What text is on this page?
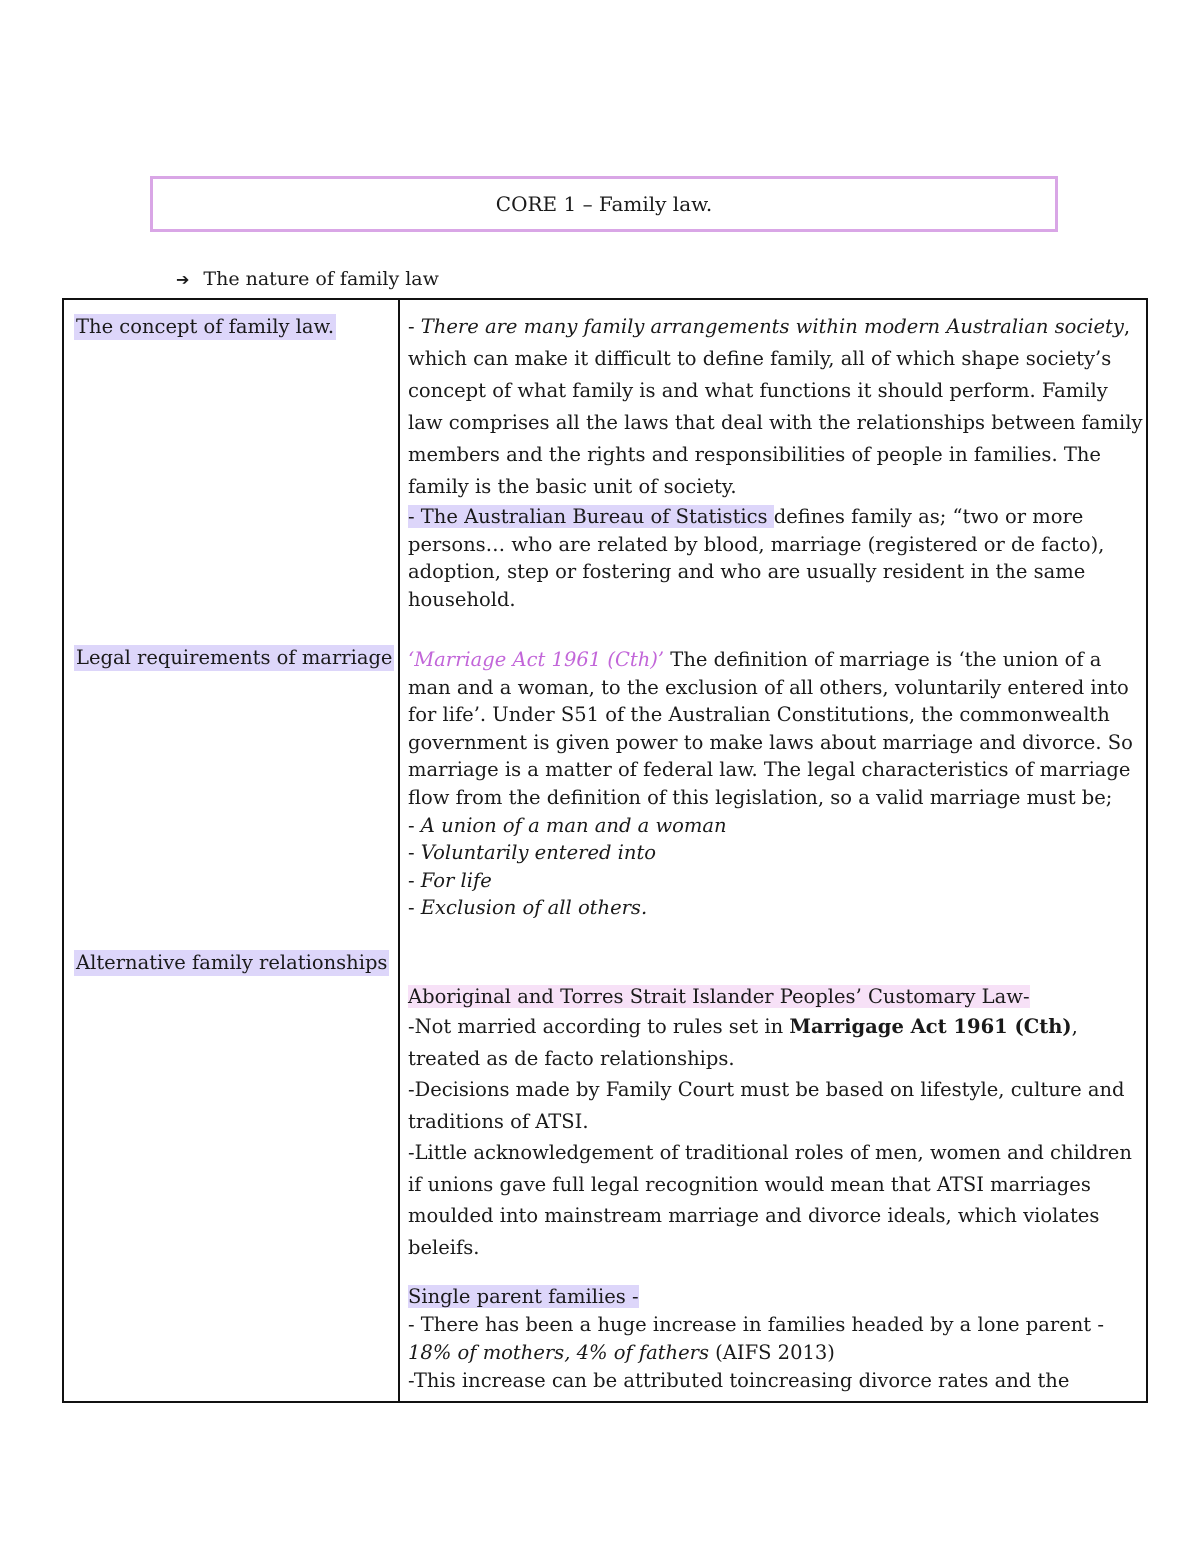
CORE 1 – Family law.
➔ The nature of family law
The concept of family law.
Legal requirements of marriage
Alternative family relationships

- There are many family arrangements within modern Australian society, which can make it difficult to define family, all of which shape society’s concept of what family is and what functions it should perform. Family law comprises all the laws that deal with the relationships between family members and the rights and responsibilities of people in families. The family is the basic unit of society.

- The Australian Bureau of Statistics defines family as; “two or more persons… who are related by blood, marriage (registered or de facto), adoption, step or fostering and who are usually resident in the same household.

‘Marriage Act 1961 (Cth)’ The definition of marriage is ‘the union of a man and a woman, to the exclusion of all others, voluntarily entered into for life’. Under S51 of the Australian Constitutions, the commonwealth government is given power to make laws about marriage and divorce. So marriage is a matter of federal law. The legal characteristics of marriage flow from the definition of this legislation, so a valid marriage must be;

- A union of a man and a woman

- Voluntarily entered into

- For life

- Exclusion of all others.

Aboriginal and Torres Strait Islander Peoples’ Customary Law-

-Not married according to rules set in Marrigage Act 1961 (Cth), treated as de facto relationships.

-Decisions made by Family Court must be based on lifestyle, culture and traditions of ATSI.

-Little acknowledgement of traditional roles of men, women and children if unions gave full legal recognition would mean that ATSI marriages moulded into mainstream marriage and divorce ideals, which violates beleifs.

Single parent families -

- There has been a huge increase in families headed by a lone parent - 18% of mothers, 4% of fathers (AIFS 2013)

-This increase can be attributed toincreasing divorce rates and the
